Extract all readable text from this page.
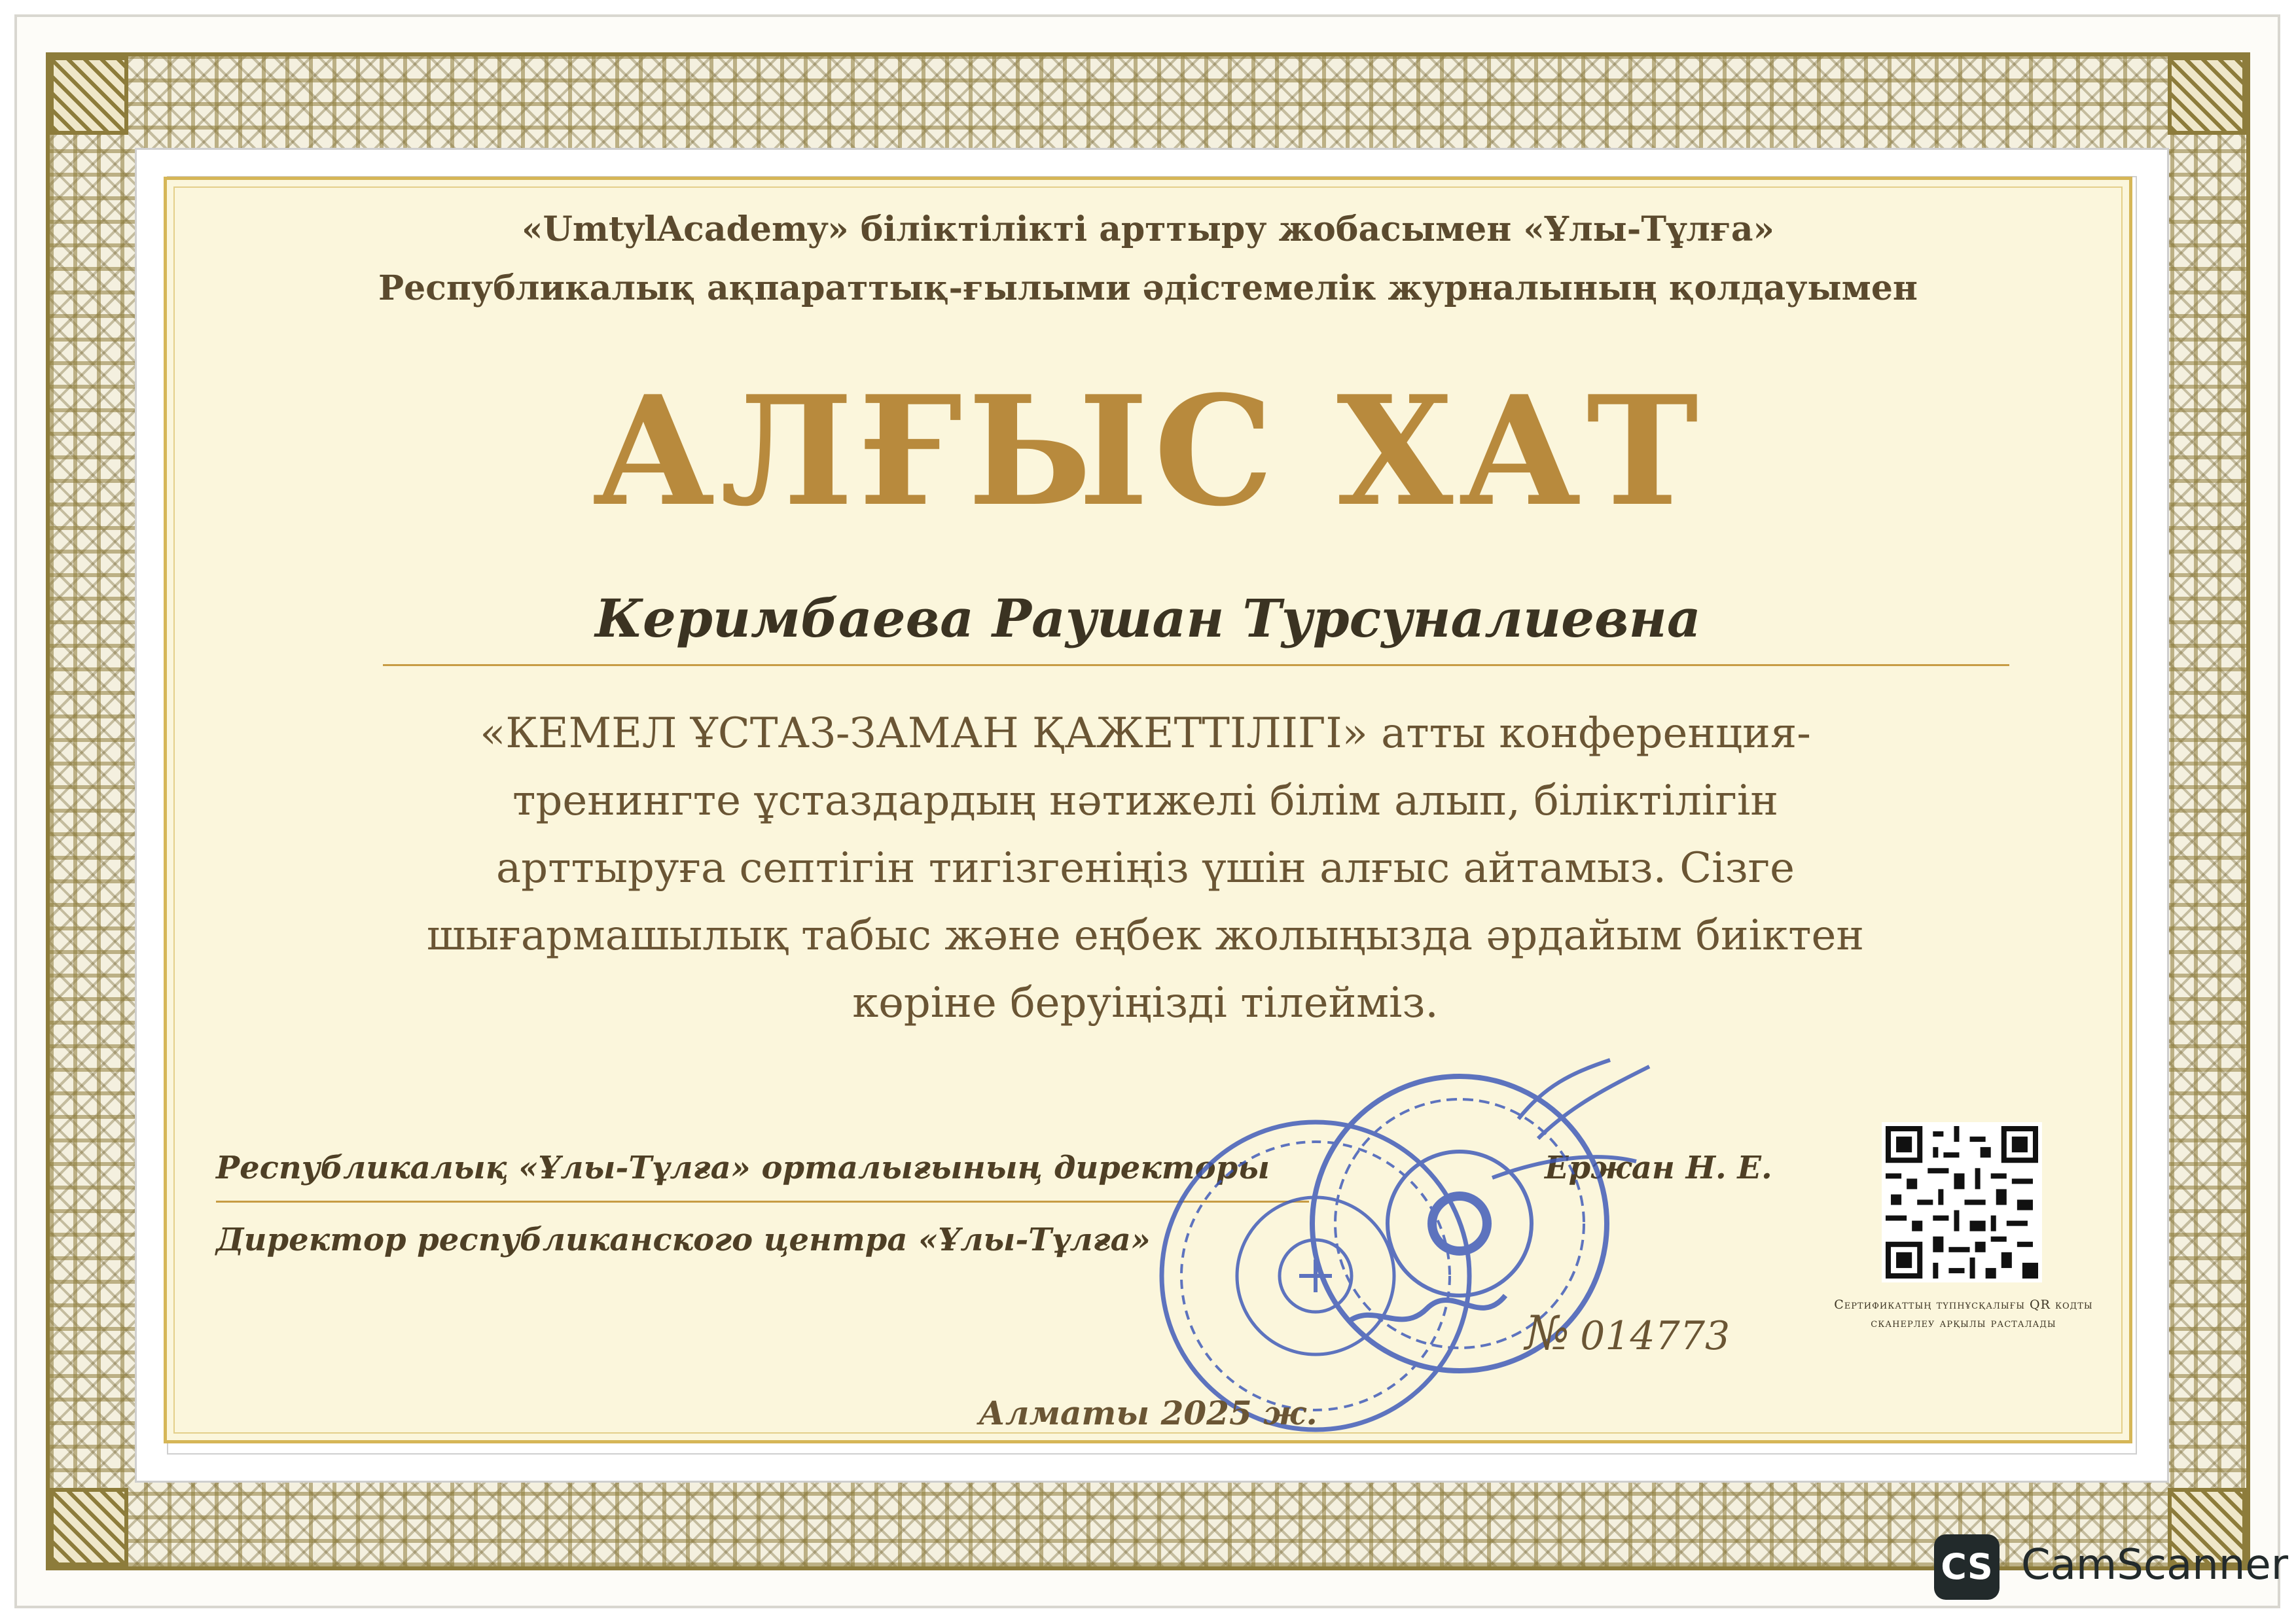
«UmtylAcademy» біліктілікті арттыру жобасымен «Ұлы-Тұлға»
Республикалық ақпараттық-ғылыми әдістемелік журналының қолдауымен
АЛҒЫС ХАТ
Керимбаева Раушан Турсуналиевна
«КЕМЕЛ ҰСТАЗ-ЗАМАН ҚАЖЕТТІЛІГІ» атты конференция-
тренингте ұстаздардың нәтижелі білім алып, біліктілігін
арттыруға септігін тигізгеніңіз үшін алғыс айтамыз. Сізге
шығармашылық табыс және еңбек жолыңызда әрдайым биіктен
көріне беруіңізді тілейміз.
Республикалық «Ұлы-Тұлға» орталығының директоры
Директор республиканского центра «Ұлы-Тұлға»
Ержан Н. Е.
№ 014773
Сертификаттың түпнұсқалығы QR кодты
сканерлеу арқылы расталады
Алматы 2025 ж.
CS CamScanner
